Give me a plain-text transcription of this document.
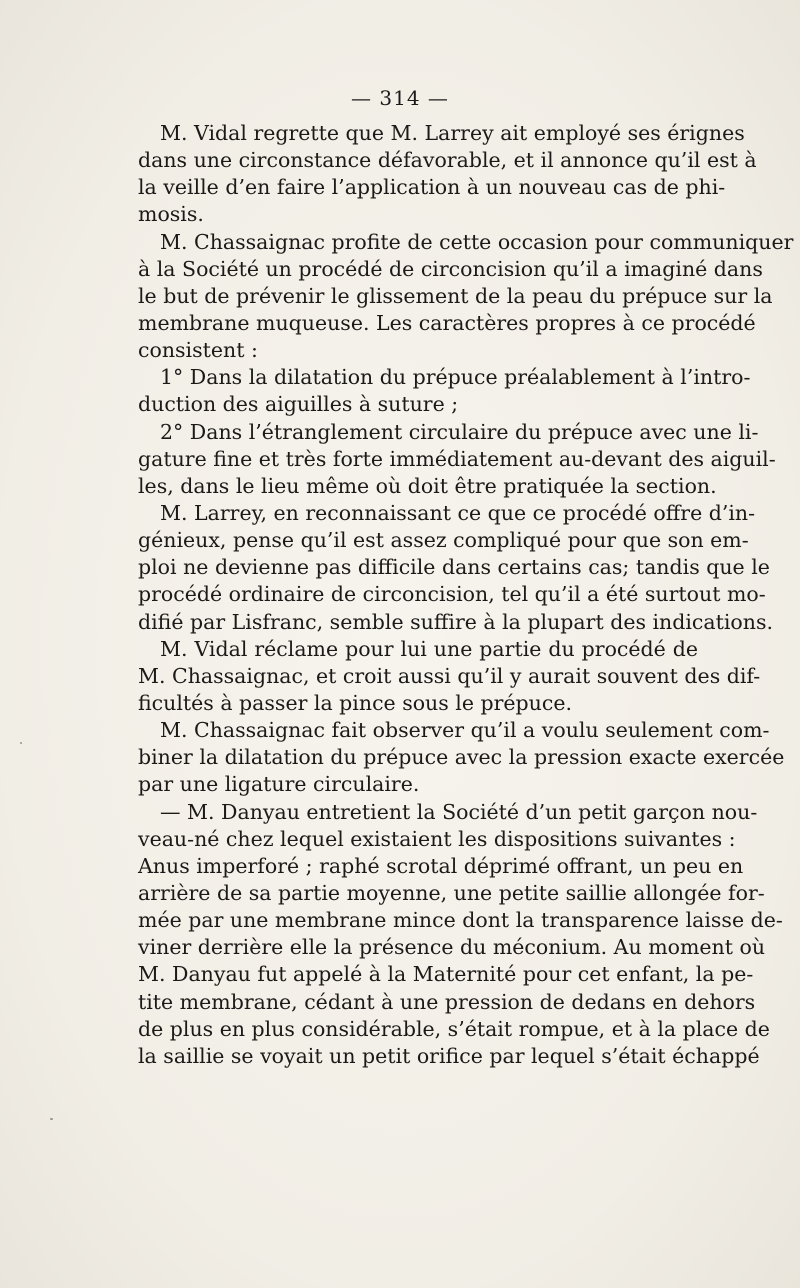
— 314 —
M. Vidal regrette que M. Larrey ait employé ses érignes
dans une circonstance défavorable, et il annonce qu’il est à
la veille d’en faire l’application à un nouveau cas de phi-
mosis.
M. Chassaignac profite de cette occasion pour communiquer
à la Société un procédé de circoncision qu’il a imaginé dans
le but de prévenir le glissement de la peau du prépuce sur la
membrane muqueuse. Les caractères propres à ce procédé
consistent :
1° Dans la dilatation du prépuce préalablement à l’intro-
duction des aiguilles à suture ;
2° Dans l’étranglement circulaire du prépuce avec une li-
gature fine et très forte immédiatement au-devant des aiguil-
les, dans le lieu même où doit être pratiquée la section.
M. Larrey, en reconnaissant ce que ce procédé offre d’in-
génieux, pense qu’il est assez compliqué pour que son em-
ploi ne devienne pas difficile dans certains cas; tandis que le
procédé ordinaire de circoncision, tel qu’il a été surtout mo-
difié par Lisfranc, semble suffire à la plupart des indications.
M. Vidal réclame pour lui une partie du procédé de
M. Chassaignac, et croit aussi qu’il y aurait souvent des dif-
ficultés à passer la pince sous le prépuce.
M. Chassaignac fait observer qu’il a voulu seulement com-
biner la dilatation du prépuce avec la pression exacte exercée
par une ligature circulaire.
— M. Danyau entretient la Société d’un petit garçon nou-
veau-né chez lequel existaient les dispositions suivantes :
Anus imperforé ; raphé scrotal déprimé offrant, un peu en
arrière de sa partie moyenne, une petite saillie allongée for-
mée par une membrane mince dont la transparence laisse de-
viner derrière elle la présence du méconium. Au moment où
M. Danyau fut appelé à la Maternité pour cet enfant, la pe-
tite membrane, cédant à une pression de dedans en dehors
de plus en plus considérable, s’était rompue, et à la place de
la saillie se voyait un petit orifice par lequel s’était échappé
